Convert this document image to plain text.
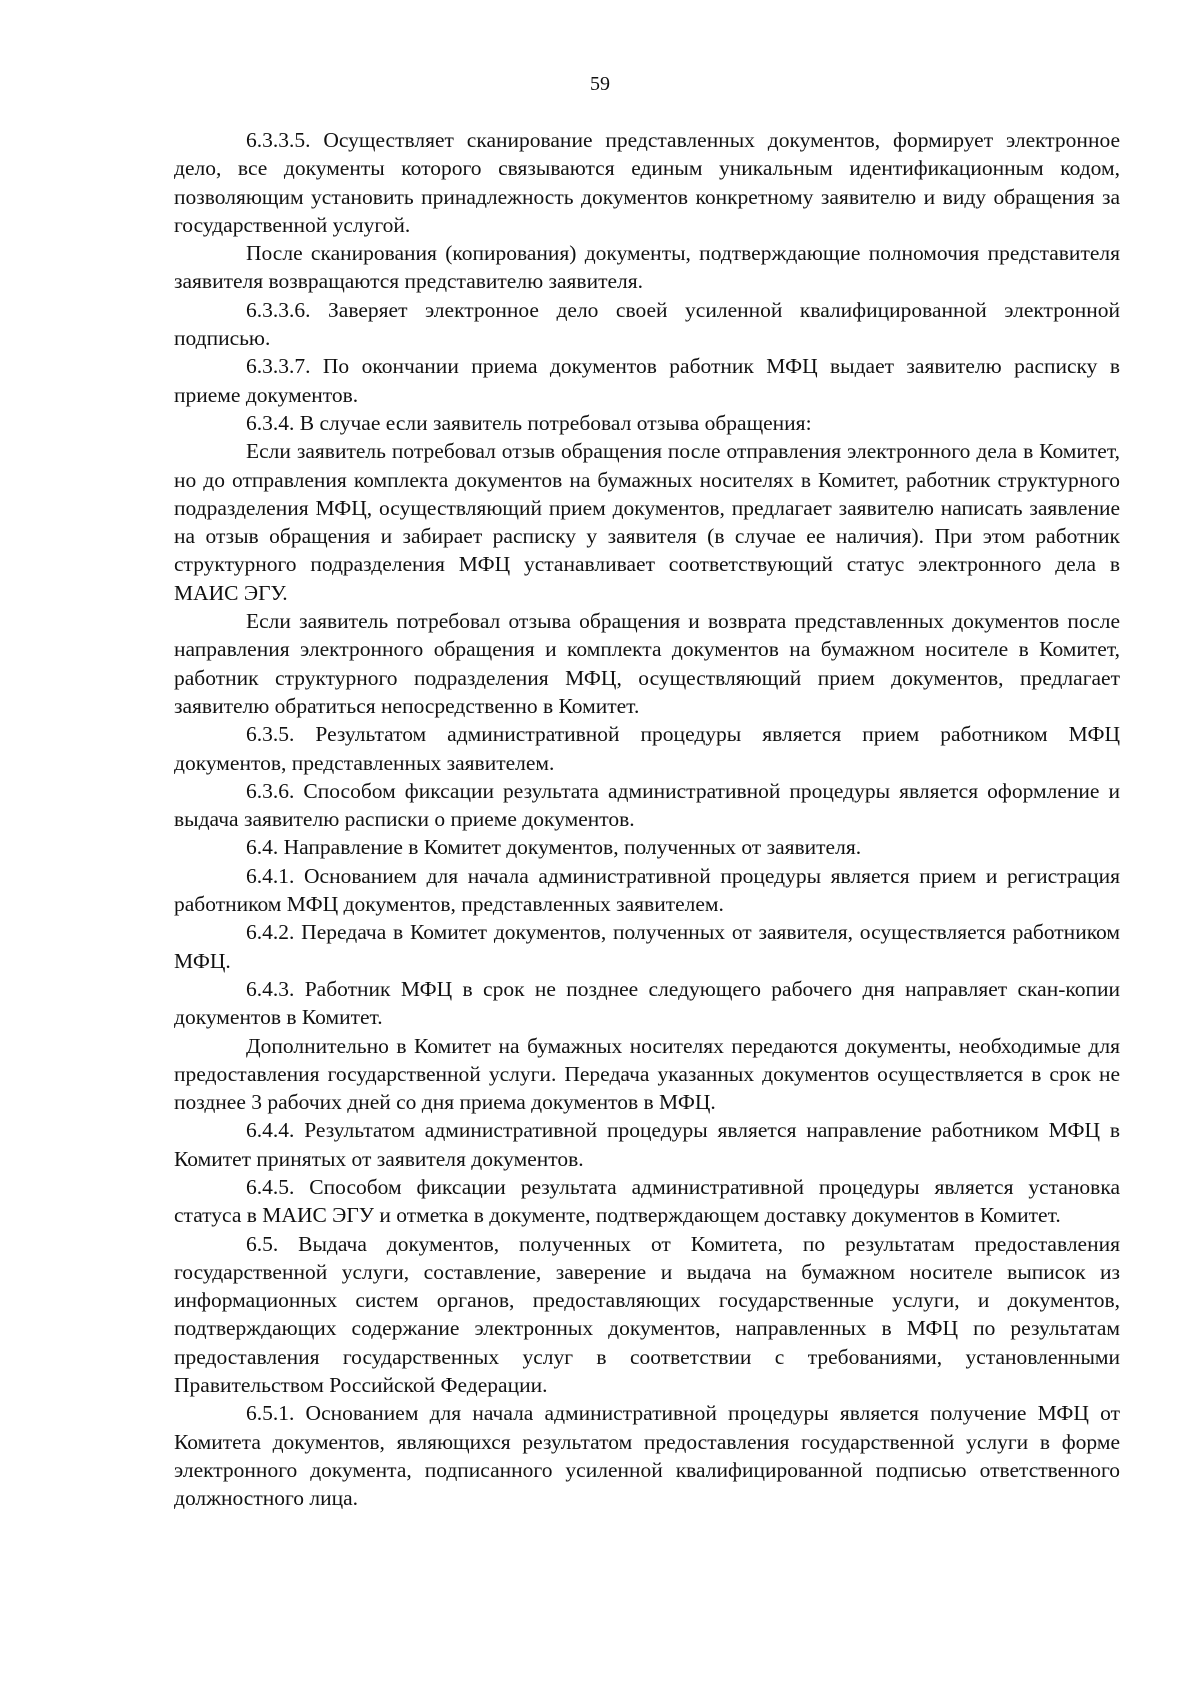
59

6.3.3.5. Осуществляет сканирование представленных документов, формирует электронное дело, все документы которого связываются единым уникальным идентификационным кодом, позволяющим установить принадлежность документов конкретному заявителю и виду обращения за государственной услугой.

После сканирования (копирования) документы, подтверждающие полномочия представителя заявителя возвращаются представителю заявителя.

6.3.3.6. Заверяет электронное дело своей усиленной квалифицированной электронной подписью.

6.3.3.7. По окончании приема документов работник МФЦ выдает заявителю расписку в приеме документов.

6.3.4. В случае если заявитель потребовал отзыва обращения:

Если заявитель потребовал отзыв обращения после отправления электронного дела в Комитет, но до отправления комплекта документов на бумажных носителях в Комитет, работник структурного подразделения МФЦ, осуществляющий прием документов, предлагает заявителю написать заявление на отзыв обращения и забирает расписку у заявителя (в случае ее наличия). При этом работник структурного подразделения МФЦ устанавливает соответствующий статус электронного дела в МАИС ЭГУ.

Если заявитель потребовал отзыва обращения и возврата представленных документов после направления электронного обращения и комплекта документов на бумажном носителе в Комитет, работник структурного подразделения МФЦ, осуществляющий прием документов, предлагает заявителю обратиться непосредственно в Комитет.

6.3.5. Результатом административной процедуры является прием работником МФЦ документов, представленных заявителем.

6.3.6. Способом фиксации результата административной процедуры является оформление и выдача заявителю расписки о приеме документов.

6.4. Направление в Комитет документов, полученных от заявителя.

6.4.1. Основанием для начала административной процедуры является прием и регистрация работником МФЦ документов, представленных заявителем.

6.4.2. Передача в Комитет документов, полученных от заявителя, осуществляется работником МФЦ.

6.4.3. Работник МФЦ в срок не позднее следующего рабочего дня направляет скан-копии документов в Комитет.

Дополнительно в Комитет на бумажных носителях передаются документы, необходимые для предоставления государственной услуги. Передача указанных документов осуществляется в срок не позднее 3 рабочих дней со дня приема документов в МФЦ.

6.4.4. Результатом административной процедуры является направление работником МФЦ в Комитет принятых от заявителя документов.

6.4.5. Способом фиксации результата административной процедуры является установка статуса в МАИС ЭГУ и отметка в документе, подтверждающем доставку документов в Комитет.

6.5. Выдача документов, полученных от Комитета, по результатам предоставления государственной услуги, составление, заверение и выдача на бумажном носителе выписок из информационных систем органов, предоставляющих государственные услуги, и документов, подтверждающих содержание электронных документов, направленных в МФЦ по результатам предоставления государственных услуг в соответствии с требованиями, установленными Правительством Российской Федерации.

6.5.1. Основанием для начала административной процедуры является получение МФЦ от Комитета документов, являющихся результатом предоставления государственной услуги в форме электронного документа, подписанного усиленной квалифицированной подписью ответственного должностного лица.
